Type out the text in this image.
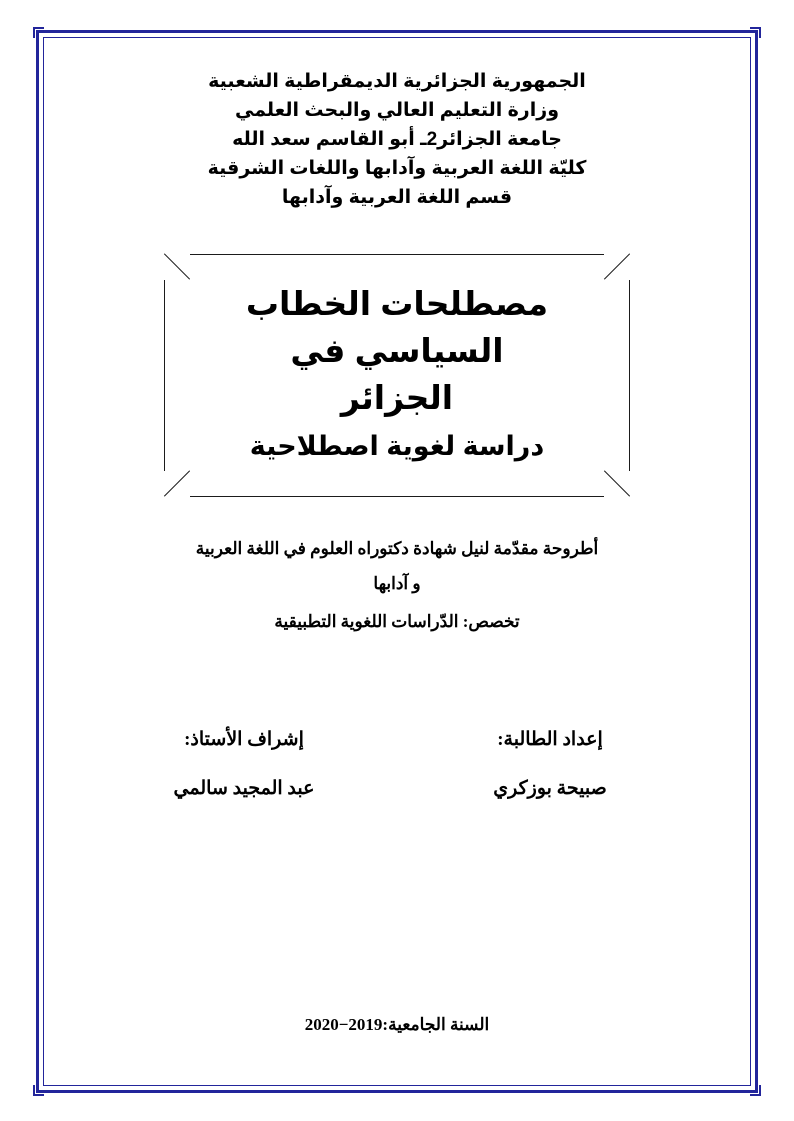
الجمهورية الجزائرية الديمقراطية الشعبية
وزارة التعليم العالي والبحث العلمي
جامعة الجزائر2ـ أبو القاسم سعد الله
كليّة اللغة العربية وآدابها واللغات الشرقية
قسم اللغة العربية وآدابها
مصطلحات الخطاب السياسي في
الجزائر
دراسة لغوية اصطلاحية
أطروحة مقدّمة لنيل شهادة دكتوراه العلوم في اللغة العربية
و آدابها
تخصص: الدّراسات اللغوية التطبيقية
إعداد الطالبة:
صبيحة بوزكري
إشراف الأستاذ:
عبد المجيد سالمي
السنة الجامعية:2019−2020
